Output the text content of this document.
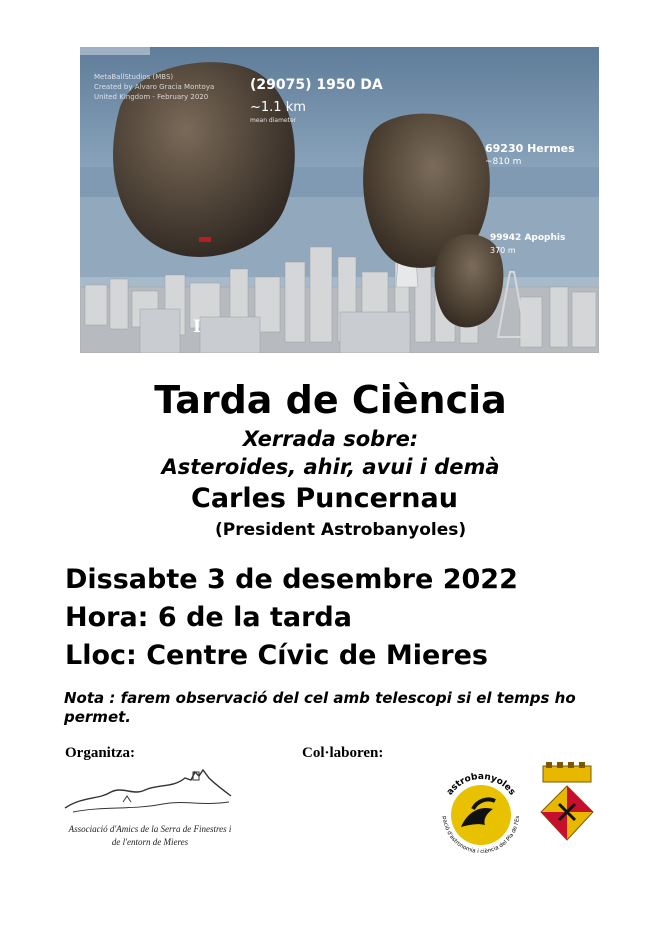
MetaBallStudios (MBS)
Created by Alvaro Gracia Montoya
United Kingdom - February 2020
(29075) 1950 DA
~1.1 km
mean diameter
69230 Hermes
~810 m
99942 Apophis
370 m
I
Tarda de Ciència
Xerrada sobre:
Asteroides, ahir, avui i demà
Carles Puncernau
(President Astrobanyoles)
Dissabte 3 de desembre 2022
Hora: 6 de la tarda
Lloc: Centre Cívic de Mieres
Nota : farem observació del cel amb telescopi si el temps ho permet.
Organitza:	Col·laboren:
Associació d'Amics de la Serra de Finestres i
de l'entorn de Mieres
astrobanyoles
pació d'astronomia i ciència del Pla de l'Es
